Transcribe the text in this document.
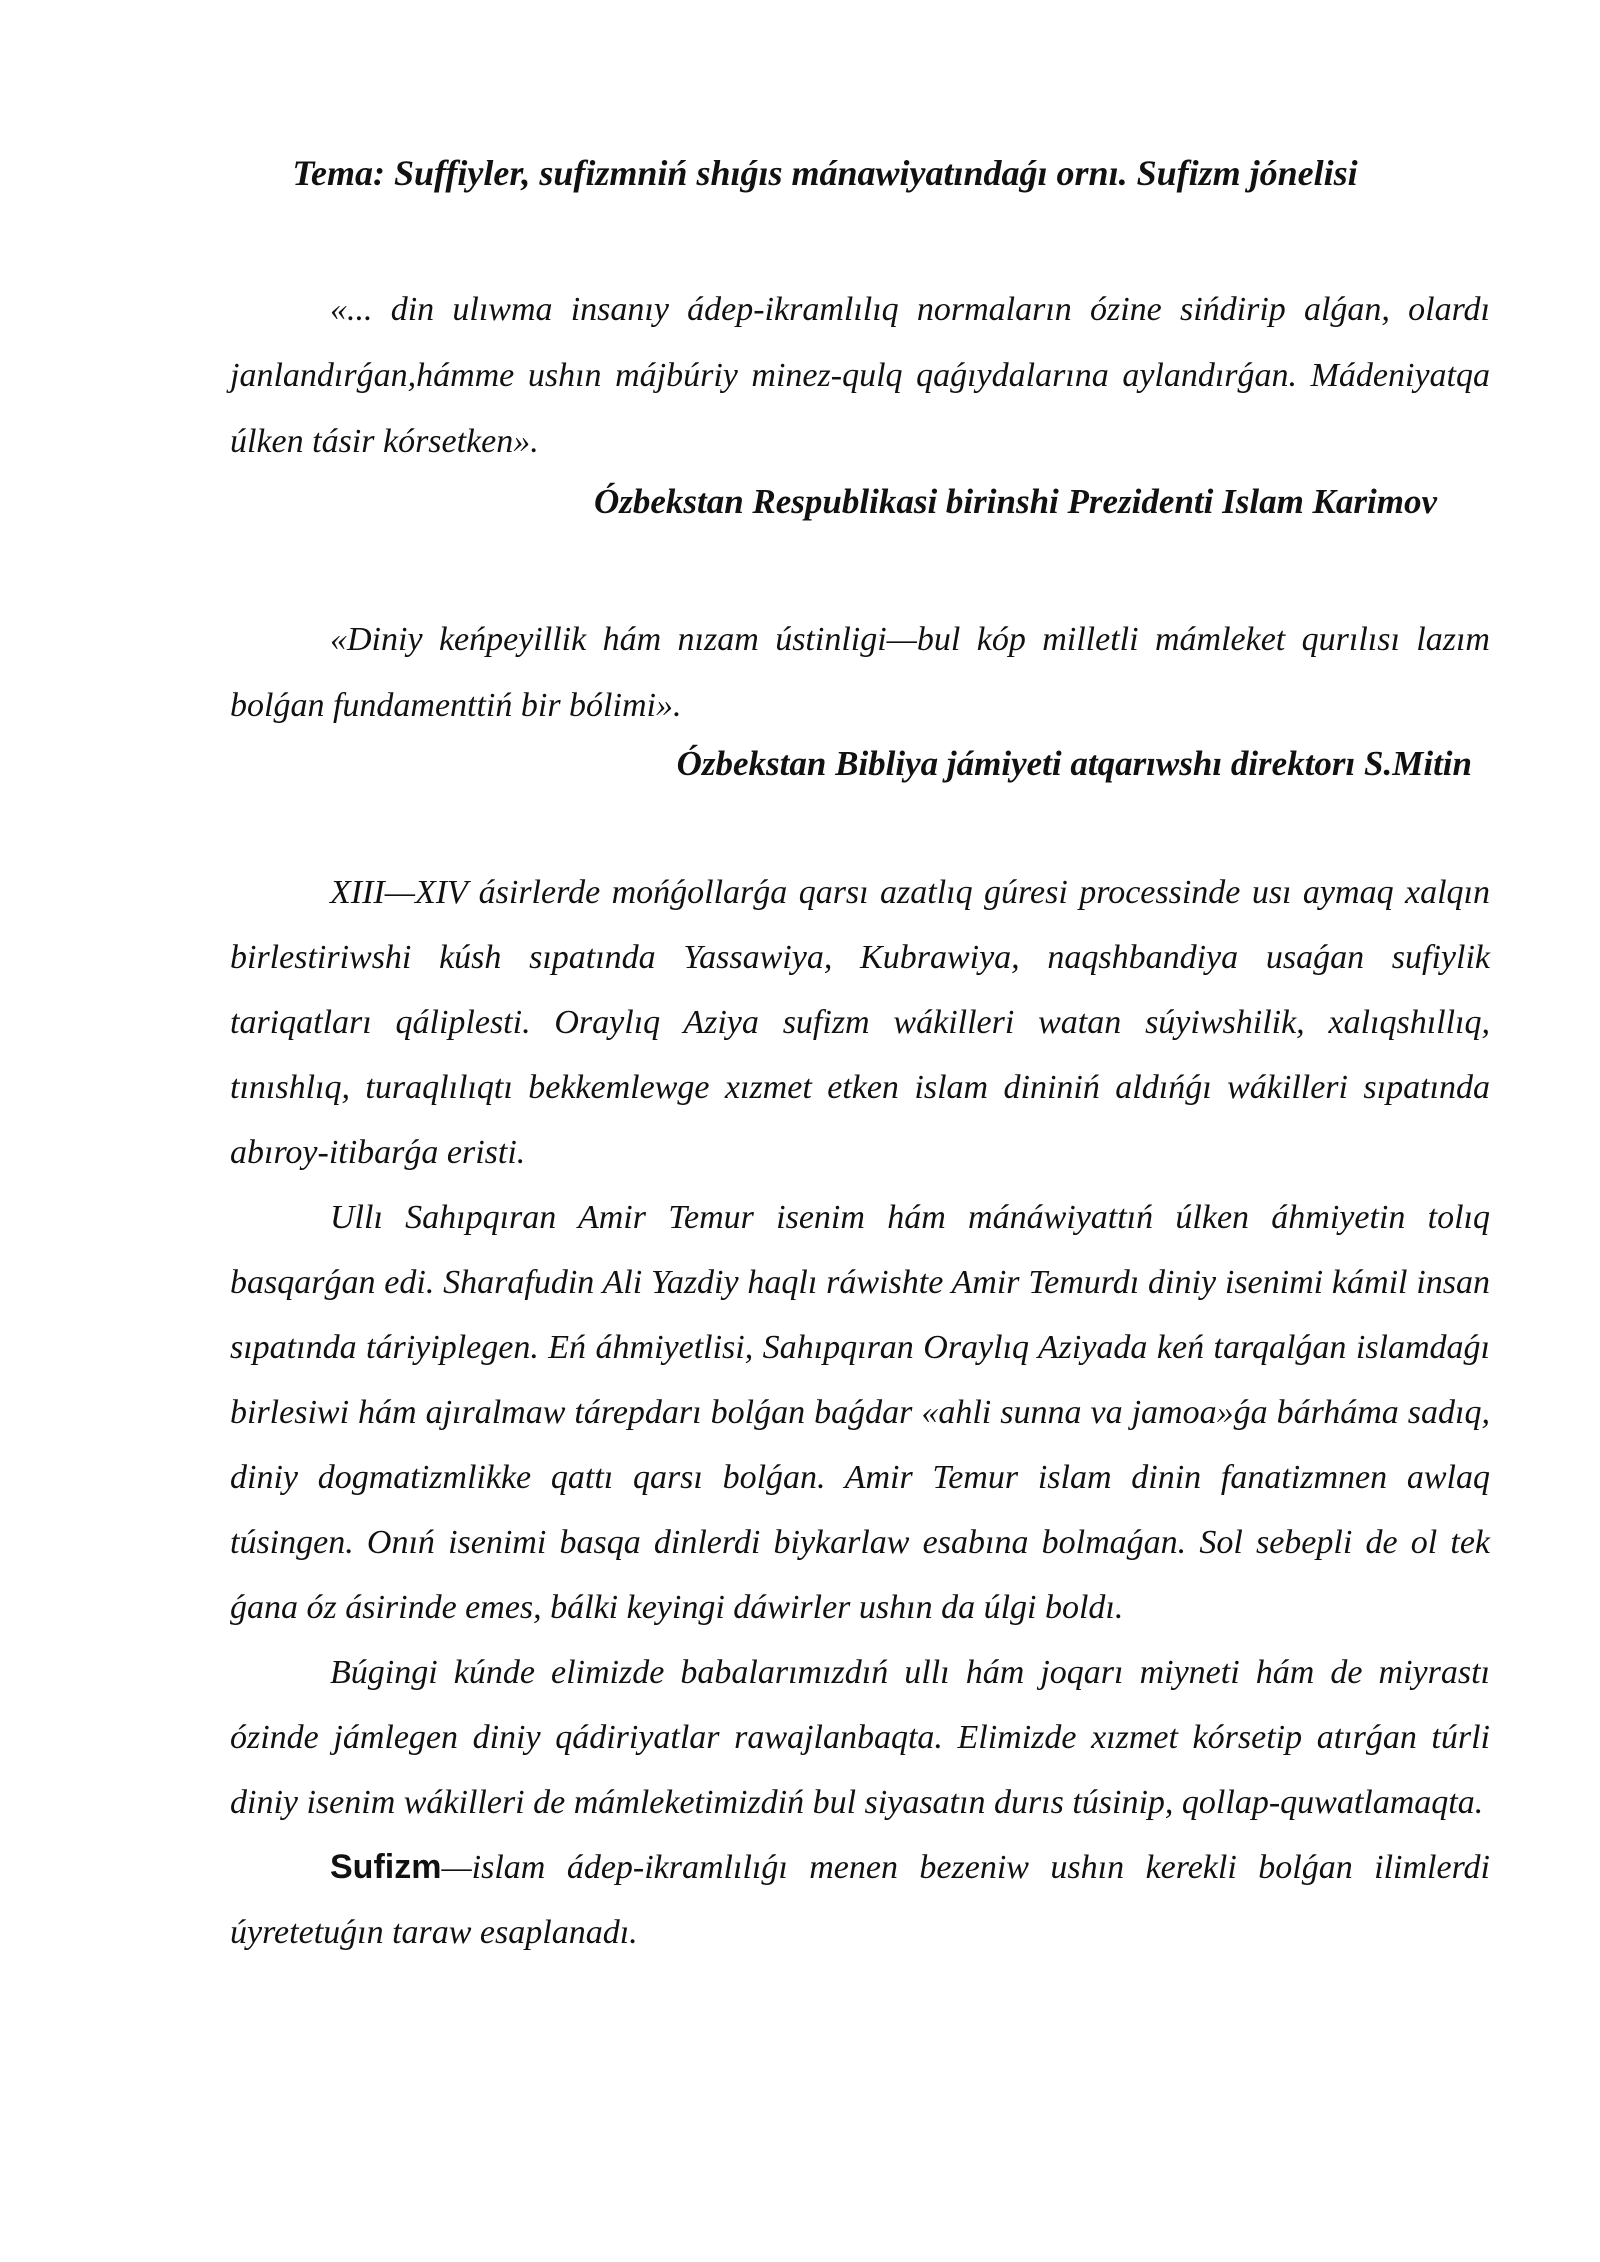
Tema: Suffiyler, sufizmniń shıǵıs mánawiyatındaǵı ornı. Sufizm jónelisi
«... din ulıwma insanıy ádep-ikramlılıq normaların ózine sińdirip alǵan, olardı janlandırǵan,hámme ushın májbúriy minez-qulq qaǵıydalarına aylandırǵan. Mádeniyatqa úlken tásir kórsetken».
Ózbekstan Respublikasi birinshi Prezidenti Islam Karimov
«Diniy keńpeyillik hám nızam ústinligi—bul kóp milletli mámleket qurılısı lazım bolǵan fundamenttiń bir bólimi».
Ózbekstan Bibliya jámiyeti atqarıwshı direktorı S.Mitin

XIII—XIV ásirlerde mońǵollarǵa qarsı azatlıq gúresi processinde usı aymaq xalqın birlestiriwshi kúsh sıpatında Yassawiya, Kubrawiya, naqshbandiya usaǵan sufiylik tariqatları qáliplesti. Oraylıq Aziya sufizm wákilleri watan súyiwshilik, xalıqshıllıq, tınıshlıq, turaqlılıqtı bekkemlewge xızmet etken islam dininiń aldıńǵı wákilleri sıpatında abıroy-itibarǵa eristi.

Ullı Sahıpqıran Amir Temur isenim hám mánáwiyattıń úlken áhmiyetin tolıq basqarǵan edi. Sharafudin Ali Yazdiy haqlı ráwishte Amir Temurdı diniy isenimi kámil insan sıpatında táriyiplegen. Eń áhmiyetlisi, Sahıpqıran Oraylıq Aziyada keń tarqalǵan islamdaǵı birlesiwi hám ajıralmaw tárepdarı bolǵan baǵdar «ahli sunna va jamoa»ǵa bárháma sadıq, diniy dogmatizmlikke qattı qarsı bolǵan. Amir Temur islam dinin fanatizmnen awlaq túsingen. Onıń isenimi basqa dinlerdi biykarlaw esabına bolmaǵan. Sol sebepli de ol tek ǵana óz ásirinde emes, bálki keyingi dáwirler ushın da úlgi boldı.

Búgingi kúnde elimizde babalarımızdıń ullı hám joqarı miyneti hám de miyrastı ózinde jámlegen diniy qádiriyatlar rawajlanbaqta. Elimizde xızmet kórsetip atırǵan túrli diniy isenim wákilleri de mámleketimizdiń bul siyasatın durıs túsinip, qollap-quwatlamaqta.

Sufizm—islam ádep-ikramlılıǵı menen bezeniw ushın kerekli bolǵan ilimlerdi úyretetuǵın taraw esaplanadı.
